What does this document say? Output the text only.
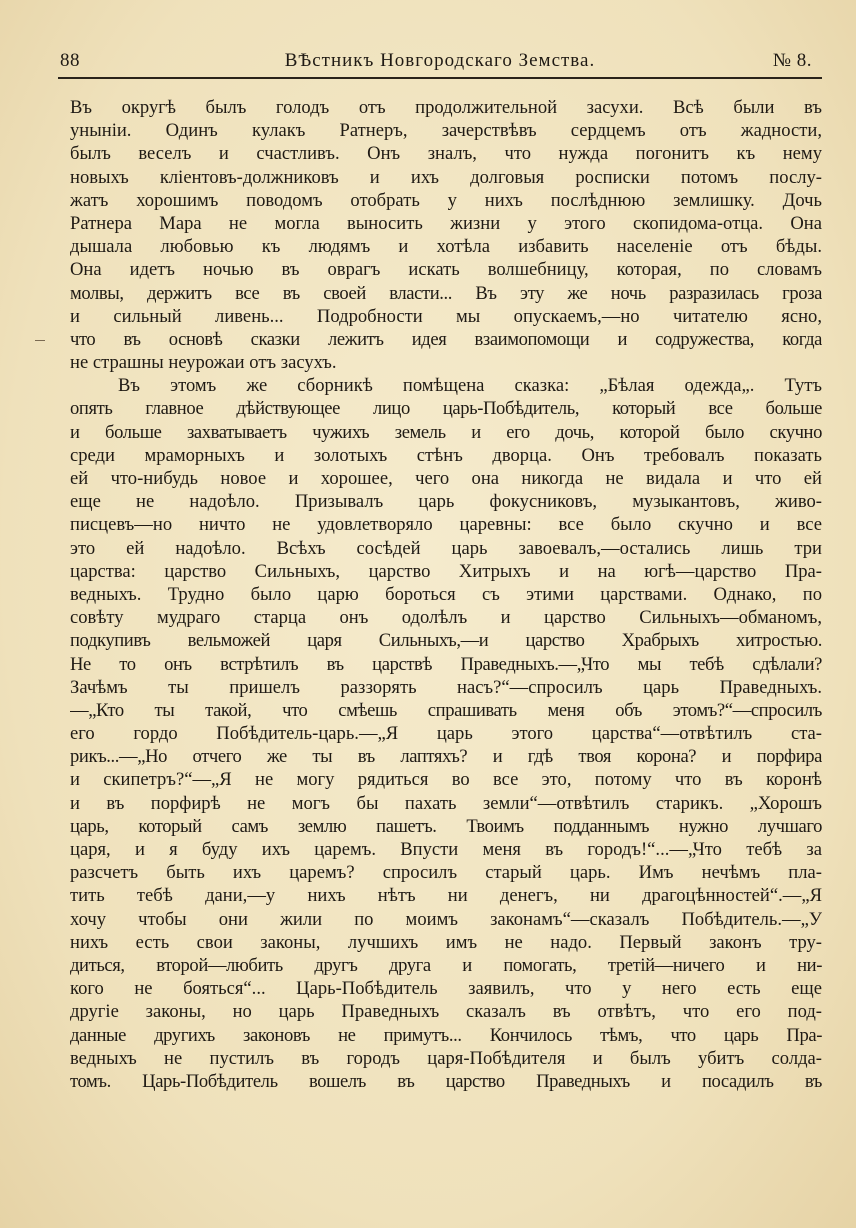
88	ВѢстникъ Новгородскаго Земства.	№ 8.
Въ округѣ былъ голодъ отъ продолжительной засухи. Всѣ были въ
уныніи. Одинъ кулакъ Ратнеръ, зачерствѣвъ сердцемъ отъ жадности,
былъ веселъ и счастливъ. Онъ зналъ, что нужда погонитъ къ нему
новыхъ кліентовъ-должниковъ и ихъ долговыя росписки потомъ послу-
жатъ хорошимъ поводомъ отобрать у нихъ послѣднюю землишку. Дочь
Ратнера Мара не могла выносить жизни у этого скопидома-отца. Она
дышала любовью къ людямъ и хотѣла избавить населеніе отъ бѣды.
Она идетъ ночью въ оврагъ искать волшебницу, которая, по словамъ
молвы, держитъ все въ своей власти... Въ эту же ночь разразилась гроза
и сильный ливень... Подробности мы опускаемъ,—но читателю ясно,
что въ основѣ сказки лежитъ идея взаимопомощи и содружества, когда
не страшны неурожаи отъ засухъ.
Въ этомъ же сборникѣ помѣщена сказка: „Бѣлая одежда„. Тутъ
опять главное дѣйствующее лицо царь-Побѣдитель, который все больше
и больше захватываетъ чужихъ земель и его дочь, которой было скучно
среди мраморныхъ и золотыхъ стѣнъ дворца. Онъ требовалъ показать
ей что-нибудь новое и хорошее, чего она никогда не видала и что ей
еще не надоѣло. Призывалъ царь фокусниковъ, музыкантовъ, живо-
писцевъ—но ничто не удовлетворяло царевны: все было скучно и все
это ей надоѣло. Всѣхъ сосѣдей царь завоевалъ,—остались лишь три
царства: царство Сильныхъ, царство Хитрыхъ и на югѣ—царство Пра-
ведныхъ. Трудно было царю бороться съ этими царствами. Однако, по
совѣту мудраго старца онъ одолѣлъ и царство Сильныхъ—обманомъ,
подкупивъ вельможей царя Сильныхъ,—и царство Храбрыхъ хитростью.
Не то онъ встрѣтилъ въ царствѣ Праведныхъ.—„Что мы тебѣ сдѣлали?
Зачѣмъ ты пришелъ раззорять насъ?“—спросилъ царь Праведныхъ.
—„Кто ты такой, что смѣешь спрашивать меня объ этомъ?“—спросилъ
его гордо Побѣдитель-царь.—„Я царь этого царства“—отвѣтилъ ста-
рикъ...—„Но отчего же ты въ лаптяхъ? и гдѣ твоя корона? и порфира
и скипетръ?“—„Я не могу рядиться во все это, потому что въ коронѣ
и въ порфирѣ не могъ бы пахать земли“—отвѣтилъ старикъ. „Хорошъ
царь, который самъ землю пашетъ. Твоимъ подданнымъ нужно лучшаго
царя, и я буду ихъ царемъ. Впусти меня въ городъ!“...—„Что тебѣ за
разсчетъ быть ихъ царемъ? спросилъ старый царь. Имъ нечѣмъ пла-
тить тебѣ дани,—у нихъ нѣтъ ни денегъ, ни драгоцѣнностей“.—„Я
хочу чтобы они жили по моимъ законамъ“—сказалъ Побѣдитель.—„У
нихъ есть свои законы, лучшихъ имъ не надо. Первый законъ тру-
диться, второй—любить другъ друга и помогать, третій—ничего и ни-
кого не бояться“... Царь-Побѣдитель заявилъ, что у него есть еще
другіе законы, но царь Праведныхъ сказалъ въ отвѣтъ, что его под-
данные другихъ законовъ не примутъ... Кончилось тѣмъ, что царь Пра-
ведныхъ не пустилъ въ городъ царя-Побѣдителя и былъ убитъ солда-
томъ. Царь-Побѣдитель вошелъ въ царство Праведныхъ и посадилъ въ
